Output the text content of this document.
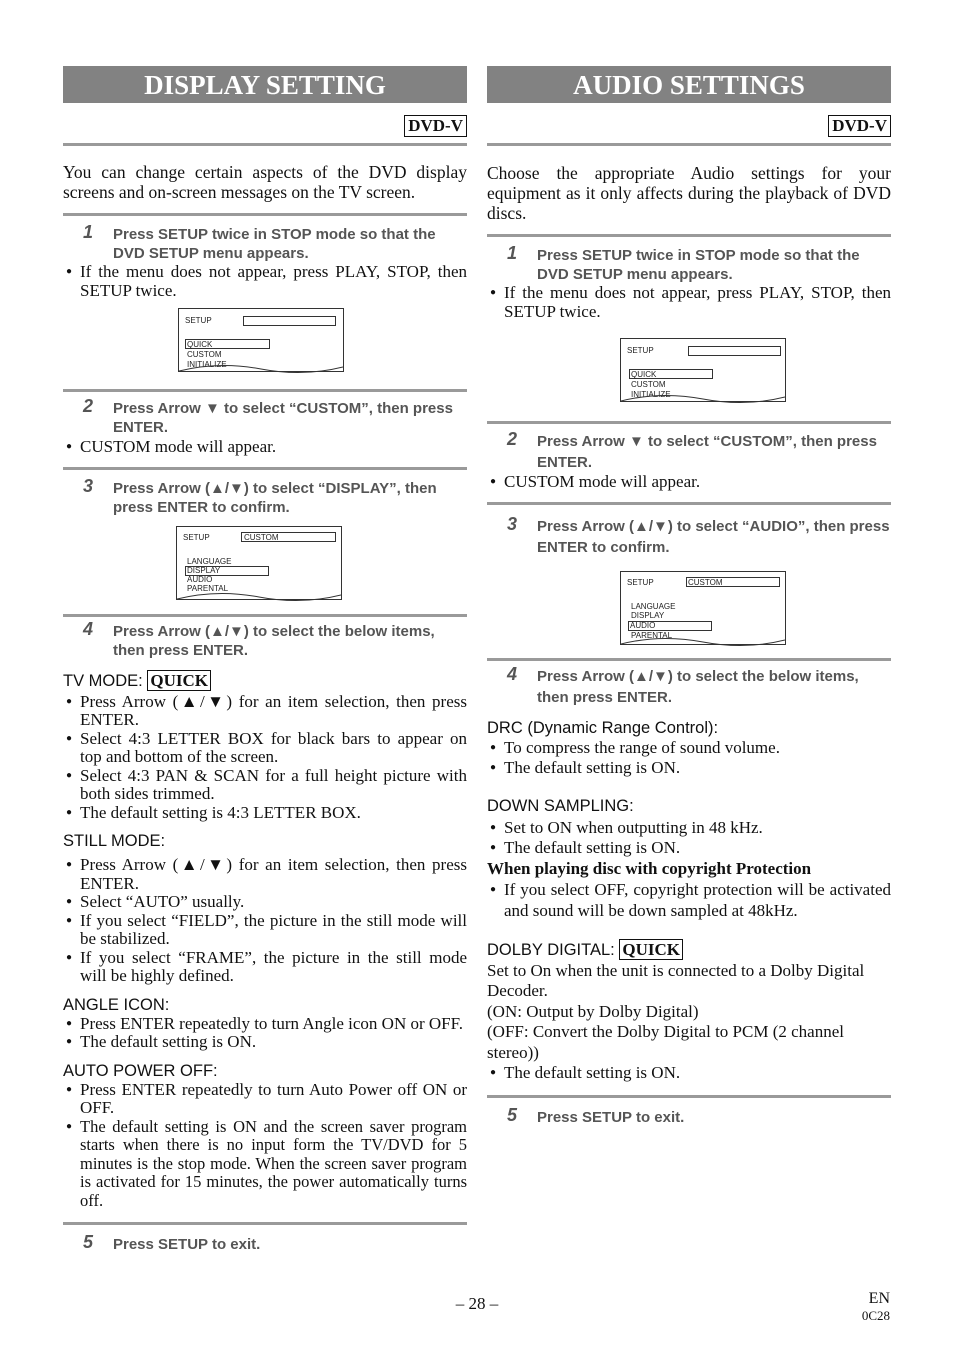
DISPLAY SETTING
DVD-V
You can change certain aspects of the DVD display screens and on-screen messages on the TV screen.
1 Press SETUP twice in STOP mode so that the DVD SETUP menu appears.
● If the menu does not appear, press PLAY, STOP, then SETUP twice.
SETUP
QUICK
CUSTOM
INITIALIZE
2 Press Arrow ▼ to select “CUSTOM”, then press ENTER.
● CUSTOM mode will appear.
3 Press Arrow (▲/▼) to select “DISPLAY”, then press ENTER to confirm.
SETUP	CUSTOM
LANGUAGE
DISPLAY
AUDIO
PARENTAL
4 Press Arrow (▲/▼) to select the below items, then press ENTER.
TV MODE: QUICK
● Press Arrow (▲/▼) for an item selection, then press ENTER.
● Select 4:3 LETTER BOX for black bars to appear on top and bottom of the screen.
● Select 4:3 PAN & SCAN for a full height picture with both sides trimmed.
● The default setting is 4:3 LETTER BOX.
STILL MODE:
● Press Arrow (▲/▼) for an item selection, then press ENTER.
● Select “AUTO” usually.
● If you select “FIELD”, the picture in the still mode will be stabilized.
● If you select “FRAME”, the picture in the still mode will be highly defined.
ANGLE ICON:
● Press ENTER repeatedly to turn Angle icon ON or OFF.
● The default setting is ON.
AUTO POWER OFF:
● Press ENTER repeatedly to turn Auto Power off ON or OFF.
● The default setting is ON and the screen saver program starts when there is no input form the TV/DVD for 5 minutes is the stop mode. When the screen saver program is activated for 15 minutes, the power automatically turns off.
5 Press SETUP to exit.
AUDIO SETTINGS
DVD-V
Choose the appropriate Audio settings for your equipment as it only affects during the playback of DVD discs.
1 Press SETUP twice in STOP mode so that the DVD SETUP menu appears.
● If the menu does not appear, press PLAY, STOP, then SETUP twice.
SETUP
QUICK
CUSTOM
INITIALIZE
2 Press Arrow ▼ to select “CUSTOM”, then press ENTER.
● CUSTOM mode will appear.
3 Press Arrow (▲/▼) to select “AUDIO”, then press ENTER to confirm.
SETUP	CUSTOM
LANGUAGE
DISPLAY
AUDIO
PARENTAL
4 Press Arrow (▲/▼) to select the below items, then press ENTER.
DRC (Dynamic Range Control):
● To compress the range of sound volume.
● The default setting is ON.
DOWN SAMPLING:
● Set to ON when outputting in 48 kHz.
● The default setting is ON.
When playing disc with copyright Protection
● If you select OFF, copyright protection will be activated and sound will be down sampled at 48kHz.
DOLBY DIGITAL: QUICK
Set to On when the unit is connected to a Dolby Digital Decoder.
(ON: Output by Dolby Digital)
(OFF: Convert the Dolby Digital to PCM (2 channel stereo))
● The default setting is ON.
5 Press SETUP to exit.
– 28 –	EN
0C28
